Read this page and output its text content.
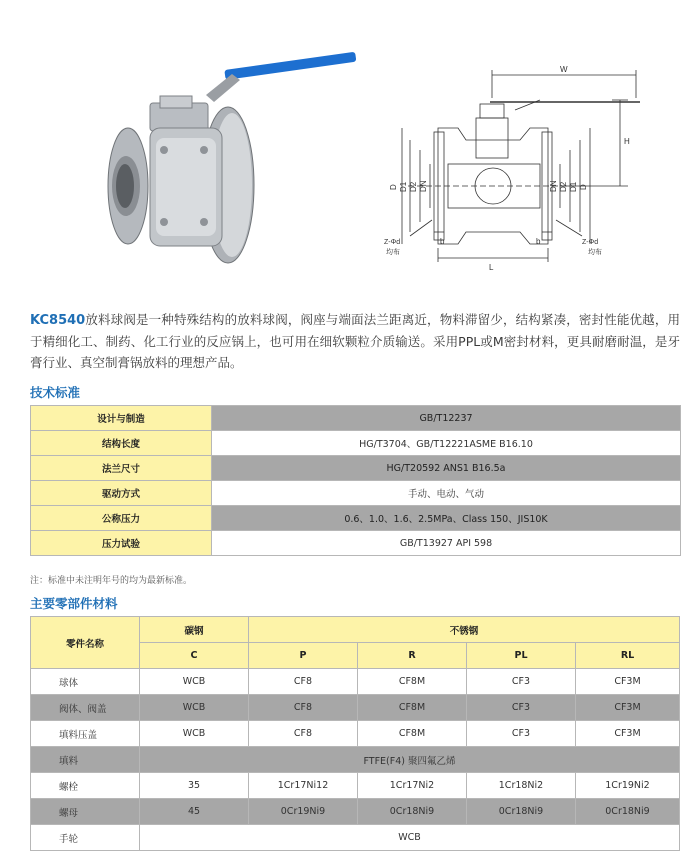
W
H
L
D D1 D2 DN	DN D2 D1 D
b	b
Z-Φd
均布
Z-Φd
均布
KC8540放料球阀是一种特殊结构的放料球阀，阀座与端面法兰距离近，物料滞留少，结构紧凑，密封性能优越，用于精细化工、制药、化工行业的反应锅上，也可用在细软颗粒介质输送。采用PPL或M密封材料，更具耐磨耐温，是牙膏行业、真空制膏锅放料的理想产品。
技术标准
设计与制造	GB/T12237
结构长度	HG/T3704、GB/T12221ASME B16.10
法兰尺寸	HG/T20592 ANS1 B16.5a
驱动方式	手动、电动、气动
公称压力	0.6、1.0、1.6、2.5MPa、Class 150、JIS10K
压力试验	GB/T13927 API 598
注：标准中未注明年号的均为最新标准。
主要零部件材料
零件名称	碳钢	不锈钢			
	C	P	R	PL	RL
球体	WCB	CF8	CF8M	CF3	CF3M
阀体、阀盖	WCB	CF8	CF8M	CF3	CF3M
填料压盖	WCB	CF8	CF8M	CF3	CF3M
填料	FTFE(F4) 聚四氟乙烯				
螺栓	35	1Cr17Ni12	1Cr17Ni2	1Cr18Ni2	1Cr19Ni2
螺母	45	0Cr19Ni9	0Cr18Ni9	0Cr18Ni9	0Cr18Ni9
手轮	WCB				
